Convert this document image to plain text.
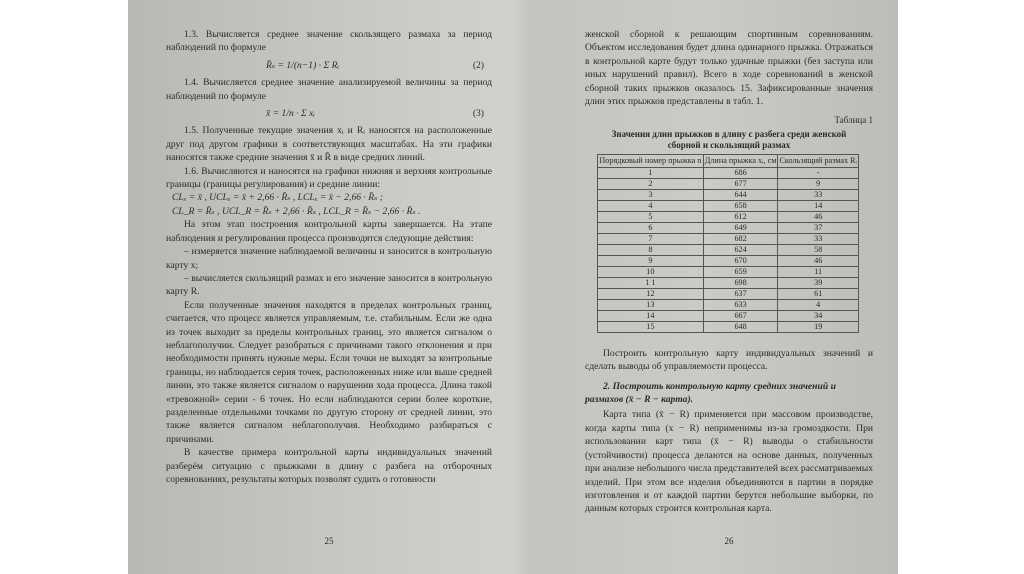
1.3. Вычисляется среднее значение скользящего размаха за период наблюдений по формуле

R̄ₛ = 1/(n−1) · Σ Rᵢ	(2)

1.4. Вычисляется среднее значение анализируемой величины за период наблюдений по формуле

x̄ = 1/n · Σ xᵢ	(3)

1.5. Полученные текущие значения xᵢ и Rᵢ наносятся на расположенные друг под другом графики в соответствующих масштабах. На эти графики наносятся также средние значения x̄ и R̄ в виде средних линий.

1.6. Вычисляются и наносятся на графики нижняя и верхняя контрольные границы (границы регулирования) и средние линии:

CLₓ = x̄ , UCLₓ = x̄ + 2,66 · R̄ₛ , LCLₓ = x̄ − 2,66 · R̄ₛ ;

CL_R = R̄ₛ , UCL_R = R̄ₛ + 2,66 · R̄ₛ , LCL_R = R̄ₛ − 2,66 · R̄ₛ .

На этом этап построения контрольной карты завершается. На этапе наблюдения и регулирования процесса производятся следующие действия:

– измеряется значение наблюдаемой величины и заносится в контрольную карту x;

– вычисляется скользящий размах и его значение заносится в контрольную карту R.

Если полученные значения находятся в пределах контрольных границ, считается, что процесс является управляемым, т.е. стабильным. Если же одна из точек выходит за пределы контрольных границ, это является сигналом о неблагополучии. Следует разобраться с причинами такого отклонения и при необходимости принять нужные меры. Если точки не выходят за контрольные границы, но наблюдается серия точек, расположенных ниже или выше средней линии, это также является сигналом о нарушении хода процесса. Длина такой «тревожной» серии - 6 точек. Но если наблюдаются серии более короткие, разделенные отдельными точками по другую сторону от средней линии, это также является сигналом неблагополучия. Необходимо разбираться с причинами.

В качестве примера контрольной карты индивидуальных значений разберём ситуацию с прыжками в длину с разбега на отборочных соревнованиях, результаты которых позволят судить о готовности

25

женской сборной к решающим спортивным соревнованиям. Объектом исследования будет длина одинарного прыжка. Отражаться в контрольной карте будут только удачные прыжки (без заступа или иных нарушений правил). Всего в ходе соревнований в женской сборной таких прыжков оказалось 15. Зафиксированные значения длин этих прыжков представлены в табл. 1.

Таблица 1

Значения длин прыжков в длину с разбега среди женской сборной и скользящий размах

Порядковый номер прыжка n	Длина прыжка xᵢ, см	Скользящий размах Rᵢ
1	686	-
2	677	9
3	644	33
4	658	14
5	612	46
6	649	37
7	682	33
8	624	58
9	670	46
10	659	11
1 1	698	39
12	637	61
13	633	4
14	667	34
15	648	19

Построить контрольную карту индивидуальных значений и сделать выводы об управляемости процесса.

2. Построить контрольную карту средних значений и размахов (x̄ − R − карта).

Карта типа (x̄ − R) применяется при массовом производстве, когда карты типа (x − R) неприменимы из-за громоздкости. При использовании карт типа (x̄ − R) выводы о стабильности (устойчивости) процесса делаются на основе данных, полученных при анализе небольшого числа представителей всех рассматриваемых изделий. При этом все изделия объединяются в партии в порядке изготовления и от каждой партии берутся небольшие выборки, по данным которых строится контрольная карта.

26
